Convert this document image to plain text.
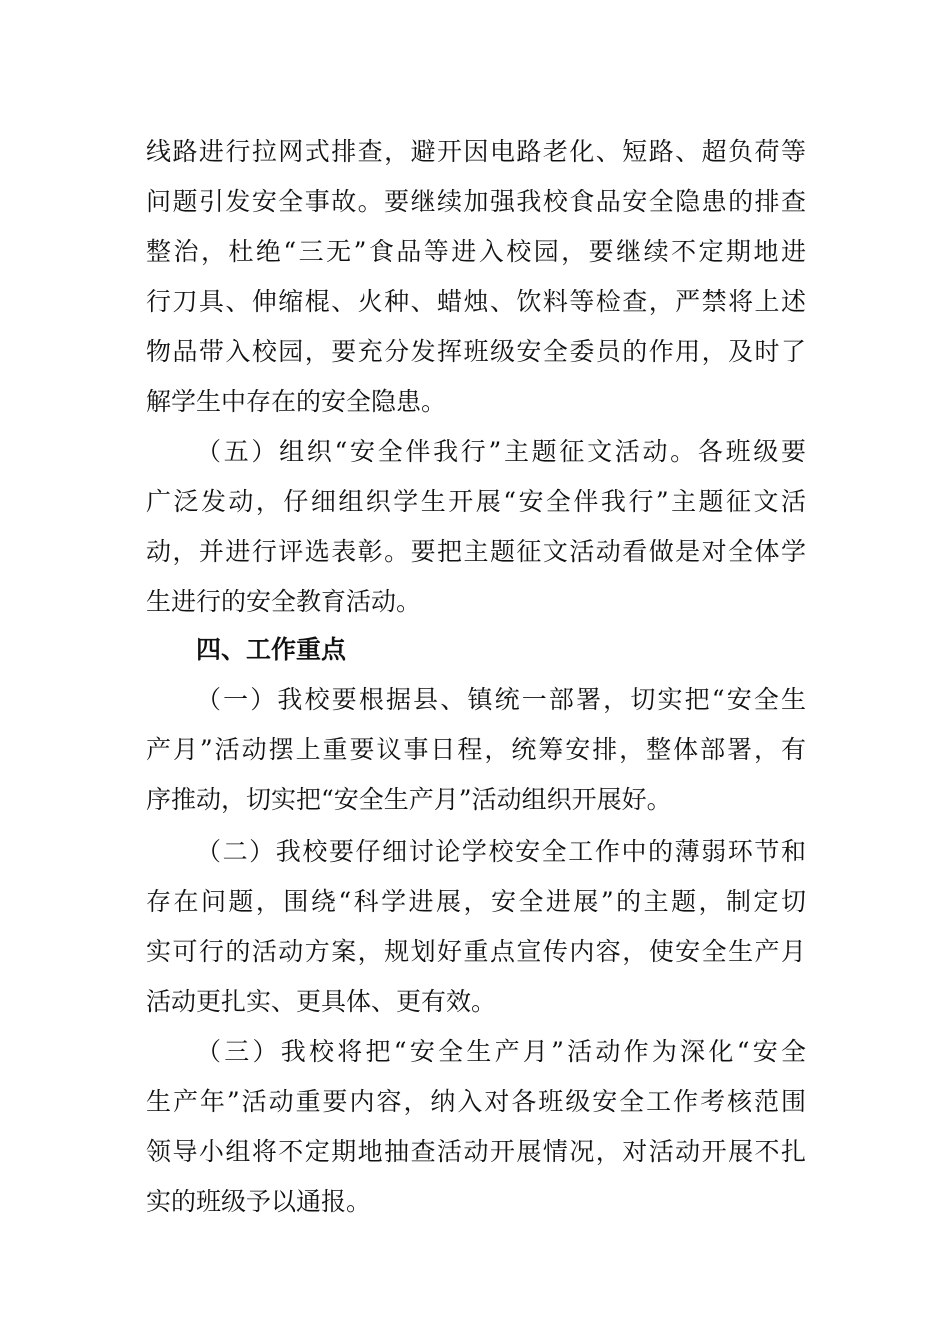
线路进行拉网式排查，避开因电路老化、短路、超负荷等
问题引发安全事故。要继续加强我校食品安全隐患的排查
整治，杜绝“三无”食品等进入校园，要继续不定期地进
行刀具、伸缩棍、火种、蜡烛、饮料等检查，严禁将上述
物品带入校园，要充分发挥班级安全委员的作用，及时了
解学生中存在的安全隐患。
（五）组织“安全伴我行”主题征文活动。各班级要
广泛发动，仔细组织学生开展“安全伴我行”主题征文活
动，并进行评选表彰。要把主题征文活动看做是对全体学
生进行的安全教育活动。
四、工作重点
（一）我校要根据县、镇统一部署，切实把“安全生
产月”活动摆上重要议事日程，统筹安排，整体部署，有
序推动，切实把“安全生产月”活动组织开展好。
（二）我校要仔细讨论学校安全工作中的薄弱环节和
存在问题，围绕“科学进展，安全进展”的主题，制定切
实可行的活动方案，规划好重点宣传内容，使安全生产月
活动更扎实、更具体、更有效。
（三）我校将把“安全生产月”活动作为深化“安全
生产年”活动重要内容，纳入对各班级安全工作考核范围
领导小组将不定期地抽查活动开展情况，对活动开展不扎
实的班级予以通报。
